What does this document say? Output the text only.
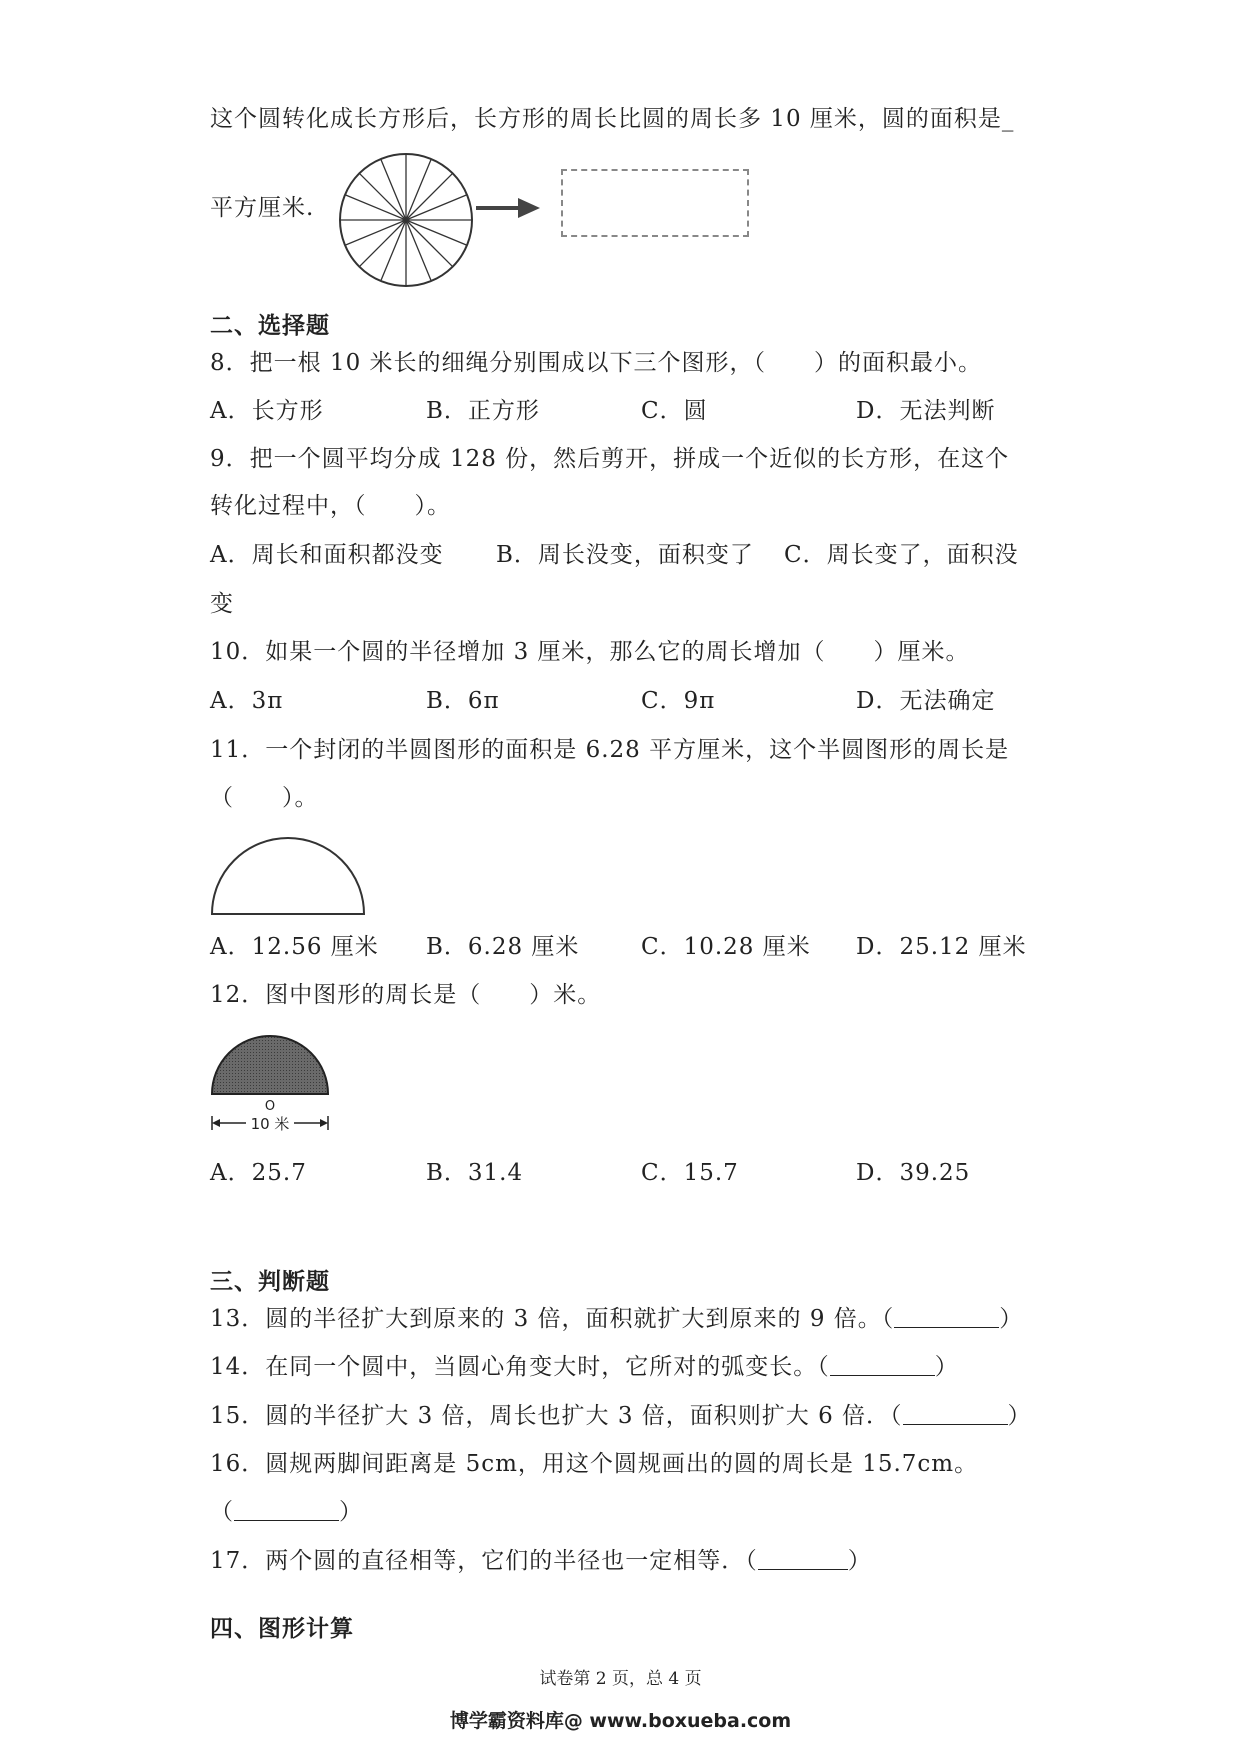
这个圆转化成长方形后，长方形的周长比圆的周长多 10 厘米，圆的面积是_
平方厘米.
二、选择题
8．把一根 10 米长的细绳分别围成以下三个图形，（　　）的面积最小。
A．长方形	B．正方形	C．圆	D．无法判断
9．把一个圆平均分成 128 份，然后剪开，拼成一个近似的长方形，在这个
转化过程中，（　　）。
A．周长和面积都没变 B．周长没变，面积变了 C．周长变了，面积没
变
10．如果一个圆的半径增加 3 厘米，那么它的周长增加（　　）厘米。
A．3π	B．6π	C．9π	D．无法确定
11．一个封闭的半圆图形的面积是 6.28 平方厘米，这个半圆图形的周长是
（　　）。
A．12.56 厘米 B．6.28 厘米	C．10.28 厘米 D．25.12 厘米
12．图中图形的周长是（　　）米。
O
10 米
A．25.7	B．31.4	C．15.7	D．39.25
三、判断题
13．圆的半径扩大到原来的 3 倍，面积就扩大到原来的 9 倍。（	）
14．在同一个圆中，当圆心角变大时，它所对的弧变长。（	）
15．圆的半径扩大 3 倍，周长也扩大 3 倍，面积则扩大 6 倍．（	）
16．圆规两脚间距离是 5cm，用这个圆规画出的圆的周长是 15.7cm。
（	）
17．两个圆的直径相等，它们的半径也一定相等．（	）
四、图形计算
试卷第 2 页，总 4 页
博学霸资料库@ www.boxueba.com
